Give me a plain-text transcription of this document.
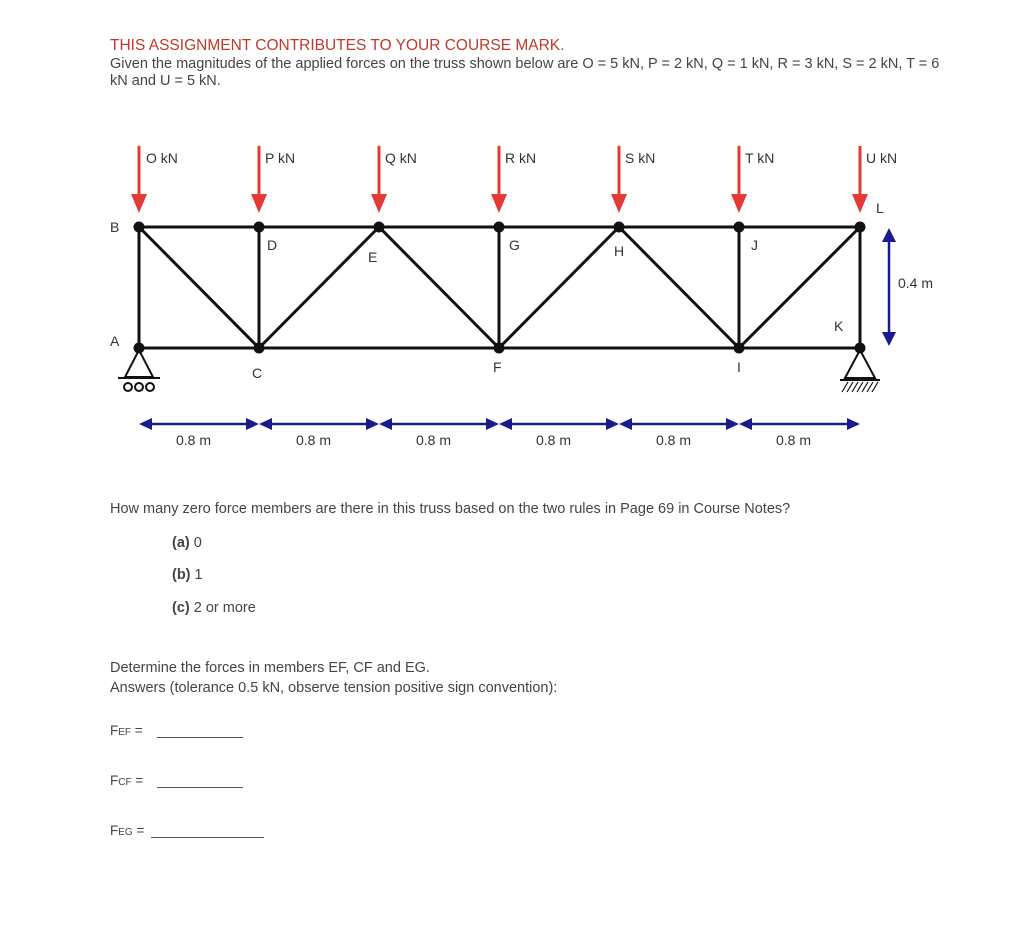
THIS ASSIGNMENT CONTRIBUTES TO YOUR COURSE MARK.
Given the magnitudes of the applied forces on the truss shown below are O = 5 kN, P = 2 kN, Q = 1 kN, R = 3 kN, S = 2 kN, T = 6 kN and U = 5 kN.
O kN	P kN	Q kN	R kN	S kN	T kN	U kN
B
D
E
G	H	J
L
A
C	F	I
K
0.4 m
0.8 m	0.8 m	0.8 m	0.8 m	0.8 m	0.8 m
How many zero force members are there in this truss based on the two rules in Page 69 in Course Notes?
(a) 0
(b) 1
(c) 2 or more
Determine the forces in members EF, CF and EG.
Answers (tolerance 0.5 kN, observe tension positive sign convention):
FEF =
FCF =
FEG =
